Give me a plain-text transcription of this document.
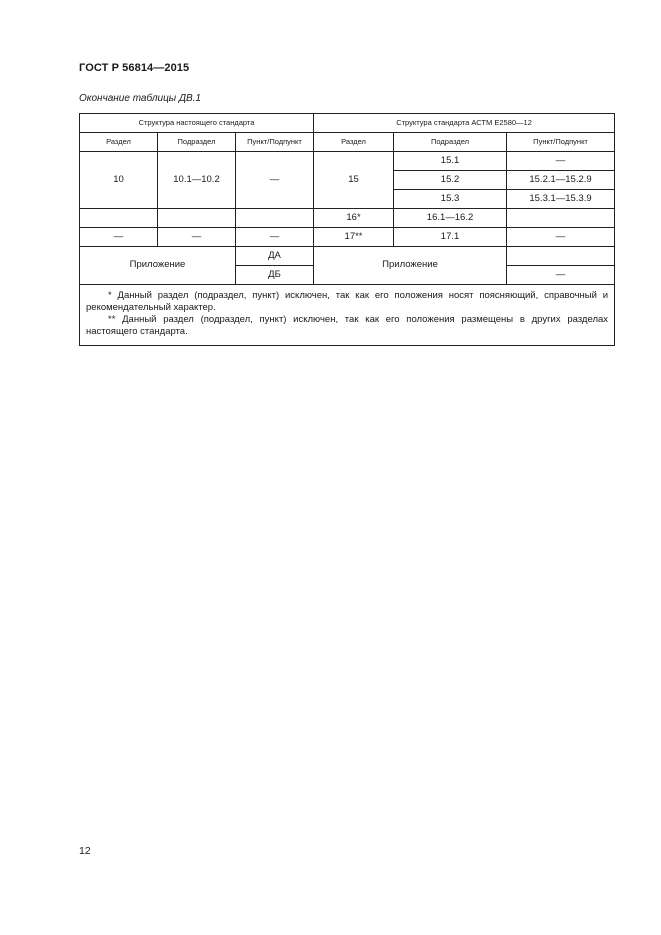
ГОСТ Р 56814—2015
Окончание таблицы ДВ.1
Структура настоящего стандарта			Структура стандарта АСТМ Е2580—12		
Раздел	Подраздел	Пункт/Подпункт	Раздел	Подраздел	Пункт/Подпункт
10	10.1—10.2	—	15	15.1	—
				15.2	15.2.1—15.2.9
				15.3	15.3.1—15.3.9
			16*	16.1—16.2	
—	—	—	17**	17.1	—
Приложение		ДА	Приложение		
		ДБ			—

* Данный раздел (подраздел, пункт) исключен, так как его положения носят поясняющий, справочный и рекомендательный характер.

** Данный раздел (подраздел, пункт) исключен, так как его положения размещены в других разделах настоящего стандарта.					

12
